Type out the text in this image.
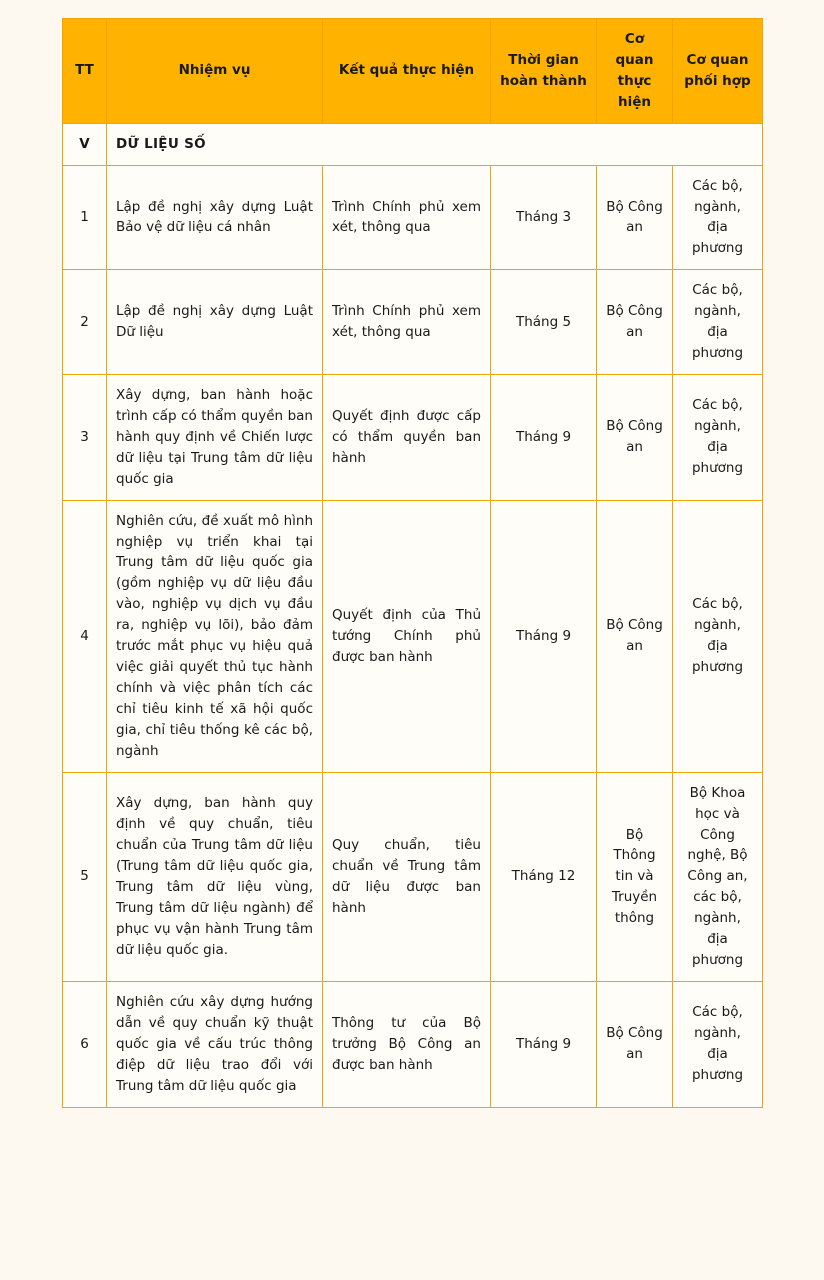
TT	Nhiệm vụ	Kết quả thực hiện	Thời gian hoàn thành	Cơ quan thực hiện	Cơ quan phối hợp
V	DỮ LIỆU SỐ				
1	Lập đề nghị xây dựng Luật Bảo vệ dữ liệu cá nhân	Trình Chính phủ xem xét, thông qua	Tháng 3	Bộ Công an	Các bộ, ngành, địa phương
2	Lập đề nghị xây dựng Luật Dữ liệu	Trình Chính phủ xem xét, thông qua	Tháng 5	Bộ Công an	Các bộ, ngành, địa phương
3	Xây dựng, ban hành hoặc trình cấp có thẩm quyền ban hành quy định về Chiến lược dữ liệu tại Trung tâm dữ liệu quốc gia	Quyết định được cấp có thẩm quyền ban hành	Tháng 9	Bộ Công an	Các bộ, ngành, địa phương
4	Nghiên cứu, đề xuất mô hình nghiệp vụ triển khai tại Trung tâm dữ liệu quốc gia (gồm nghiệp vụ dữ liệu đầu vào, nghiệp vụ dịch vụ đầu ra, nghiệp vụ lõi), bảo đảm trước mắt phục vụ hiệu quả việc giải quyết thủ tục hành chính và việc phân tích các chỉ tiêu kinh tế xã hội quốc gia, chỉ tiêu thống kê các bộ, ngành	Quyết định của Thủ tướng Chính phủ được ban hành	Tháng 9	Bộ Công an	Các bộ, ngành, địa phương
5	Xây dựng, ban hành quy định về quy chuẩn, tiêu chuẩn của Trung tâm dữ liệu (Trung tâm dữ liệu quốc gia, Trung tâm dữ liệu vùng, Trung tâm dữ liệu ngành) để phục vụ vận hành Trung tâm dữ liệu quốc gia.	Quy chuẩn, tiêu chuẩn về Trung tâm dữ liệu được ban hành	Tháng 12	Bộ Thông tin và Truyền thông	Bộ Khoa học và Công nghệ, Bộ Công an, các bộ, ngành, địa phương
6	Nghiên cứu xây dựng hướng dẫn về quy chuẩn kỹ thuật quốc gia về cấu trúc thông điệp dữ liệu trao đổi với Trung tâm dữ liệu quốc gia	Thông tư của Bộ trưởng Bộ Công an được ban hành	Tháng 9	Bộ Công an	Các bộ, ngành, địa phương
